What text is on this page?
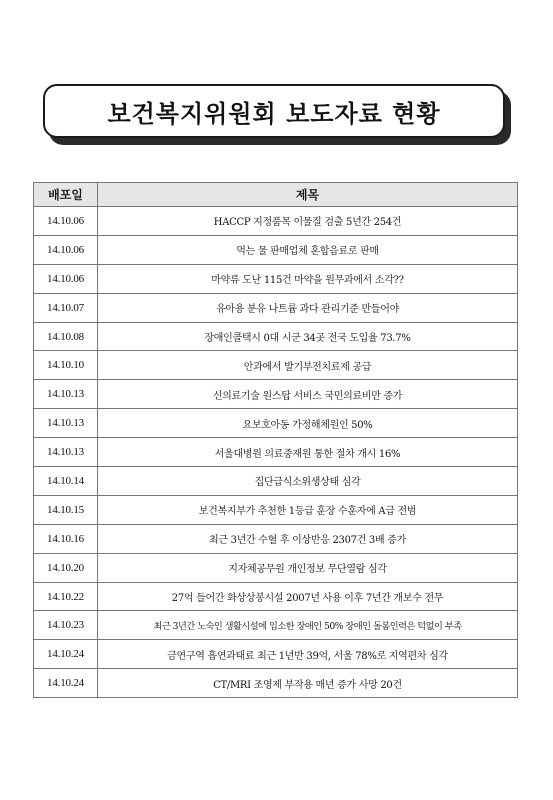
보건복지위원회 보도자료 현황
배포일	제목
14.10.06	HACCP 지정품목 이물질 검출 5년간 254건
14.10.06	먹는 물 판매업체 혼합음료로 판매
14.10.06	마약류 도난 115건 마약을 원무과에서 소각??
14.10.07	유아용 분유 나트륨 과다 관리기준 만들어야
14.10.08	장애인콜택시 0대 시군 34곳 전국 도입율 73.7%
14.10.10	안과에서 발기부전치료제 공급
14.10.13	신의료기술 원스탑 서비스 국민의료비만 증가
14.10.13	요보호아동 가정해체원인 50%
14.10.13	서울대병원 의료중재원 통한 절차 개시 16%
14.10.14	집단급식소위생상태 심각
14.10.15	보건복지부가 추천한 1등급 훈장 수훈자에 A급 전범
14.10.16	최근 3년간 수혈 후 이상반응 2307건 3배 증가
14.10.20	지자체공무원 개인정보 무단열람 심각
14.10.22	27억 들어간 화상상봉시설 2007년 사용 이후 7년간 개보수 전무
14.10.23	최근 3년간 노숙인 생활시설에 입소한 장애인 50% 장애인 돌봄인력은 턱없이 부족
14.10.24	금연구역 흡연과태료 최근 1년반 39억, 서울 78%로 지역편차 심각
14.10.24	CT/MRI 조영제 부작용 매년 증가 사망 20건
